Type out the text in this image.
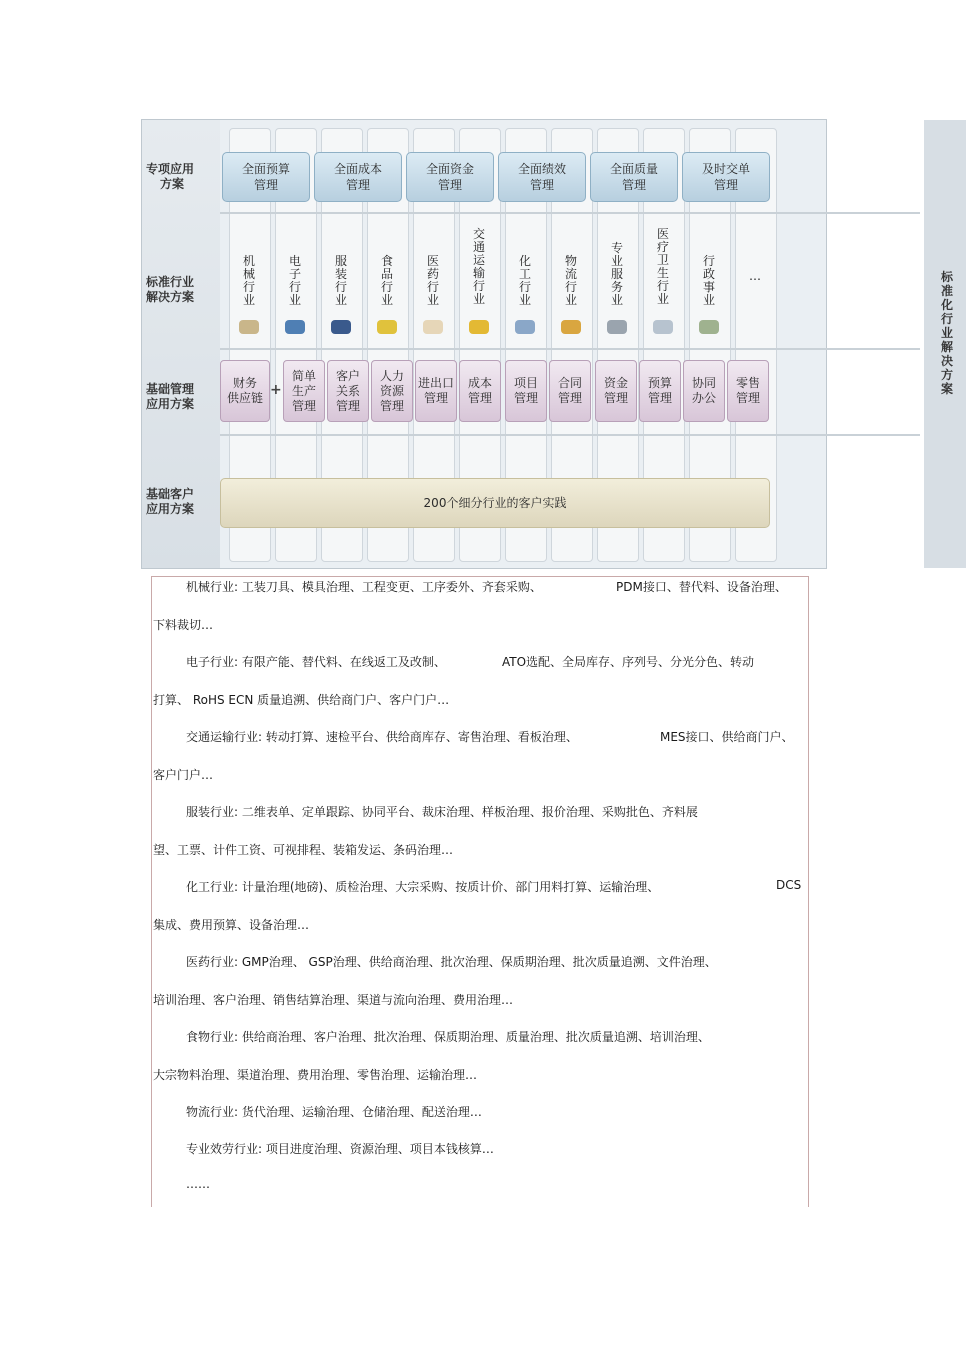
专项应用
方案
标准行业
解决方案
基础管理
应用方案
基础客户
应用方案
全面预算
管理
全面成本
管理
全面资金
管理
全面绩效
管理
全面质量
管理
及时交单
管理
机械行业
电子行业
服装行业
食品行业
医药行业
交通运输行业
化工行业
物流行业
专业服务业
医疗卫生行业
行政事业
…
财务
供应链 +
简单
生产
管理
客户
关系
管理
人力
资源
管理
进出口
管理
成本
管理
项目
管理
合同
管理
资金
管理
预算
管理
协同
办公
零售
管理
200个细分行业的客户实践
标准化行业解决方案
机械行业: 工装刀具、模具治理、工程变更、工序委外、齐套采购、	PDM接口、替代料、设备治理、
下料裁切…
电子行业: 有限产能、替代料、在线返工及改制、	ATO选配、全局库存、序列号、分光分色、转动
打算、 RoHS ECN 质量追溯、供给商门户、客户门户…
交通运输行业: 转动打算、速检平台、供给商库存、寄售治理、看板治理、	MES接口、供给商门户、
客户门户…
服装行业: 二维表单、定单跟踪、协同平台、裁床治理、样板治理、报价治理、采购批色、齐料展
望、工票、计件工资、可视排程、装箱发运、条码治理…
化工行业: 计量治理(地磅)、质检治理、大宗采购、按质计价、部门用料打算、运输治理、	DCS
集成、费用预算、设备治理…
医药行业: GMP治理、 GSP治理、供给商治理、批次治理、保质期治理、批次质量追溯、文件治理、
培训治理、客户治理、销售结算治理、渠道与流向治理、费用治理…
食物行业: 供给商治理、客户治理、批次治理、保质期治理、质量治理、批次质量追溯、培训治理、
大宗物料治理、渠道治理、费用治理、零售治理、运输治理…
物流行业: 货代治理、运输治理、仓储治理、配送治理…
专业效劳行业: 项目进度治理、资源治理、项目本钱核算…
……
